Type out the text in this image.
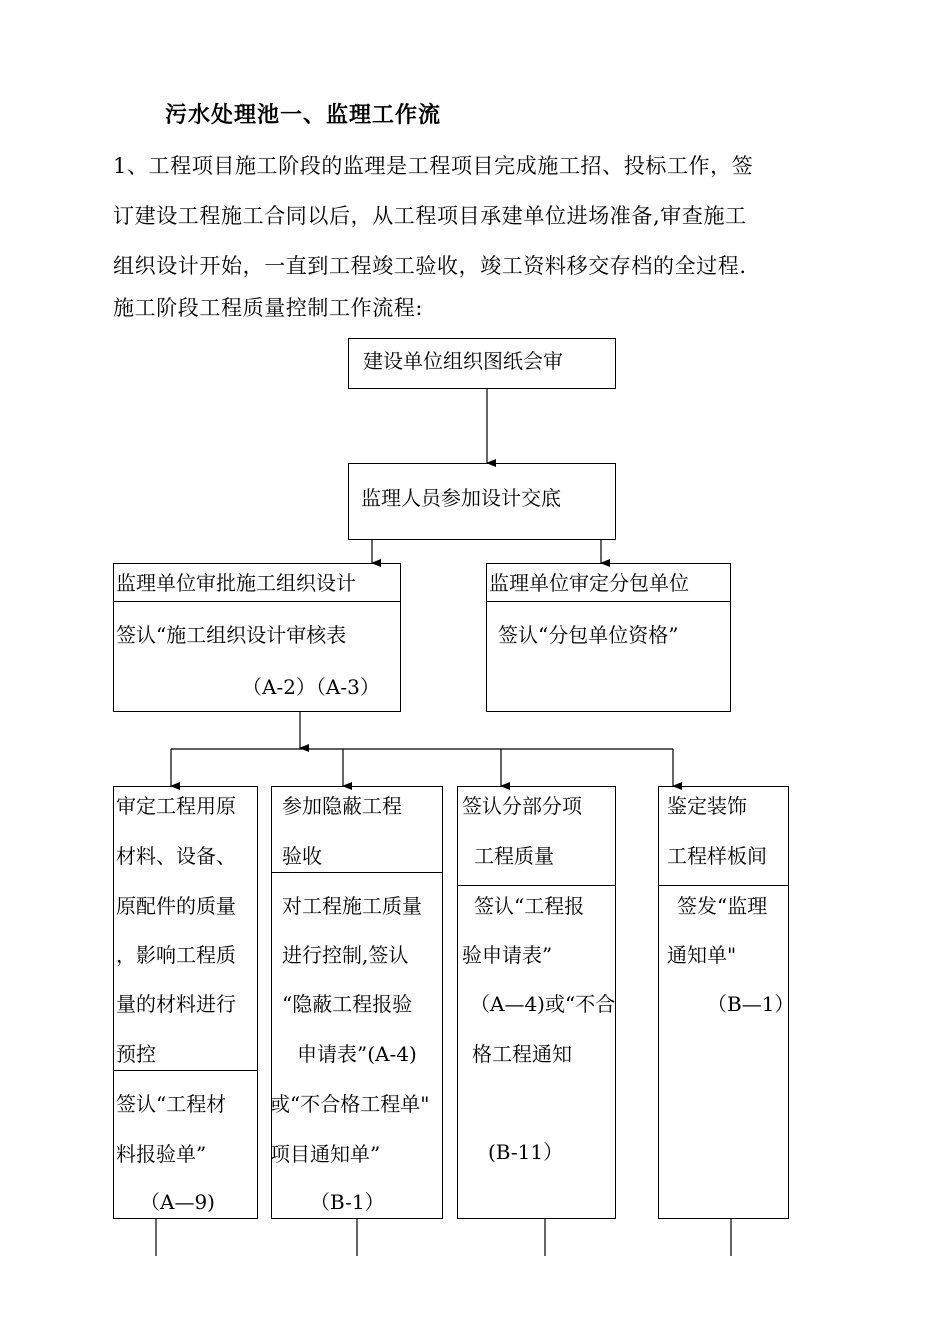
污水处理池一、监理工作流
1、工程项目施工阶段的监理是工程项目完成施工招、投标工作，签
订建设工程施工合同以后，从工程项目承建单位进场准备,审查施工
组织设计开始，一直到工程竣工验收，竣工资料移交存档的全过程.
施工阶段工程质量控制工作流程:
建设单位组织图纸会审
监理人员参加设计交底
监理单位审批施工组织设计
签认“施工组织设计审核表
（A-2）（A-3）
监理单位审定分包单位
签认“分包单位资格”
审定工程用原
材料、设备、
原配件的质量
，影响工程质
量的材料进行
预控
签认“工程材
料报验单”
（A—9)
参加隐蔽工程
验收
对工程施工质量
进行控制,签认
“隐蔽工程报验
申请表”(A-4)
或“不合格工程单"
项目通知单”
（B-1）
签认分部分项
工程质量
签认“工程报
验申请表”
（A—4)或“不合
格工程通知
(B-11）
鉴定装饰
工程样板间
签发“监理
通知单"
（B—1）
